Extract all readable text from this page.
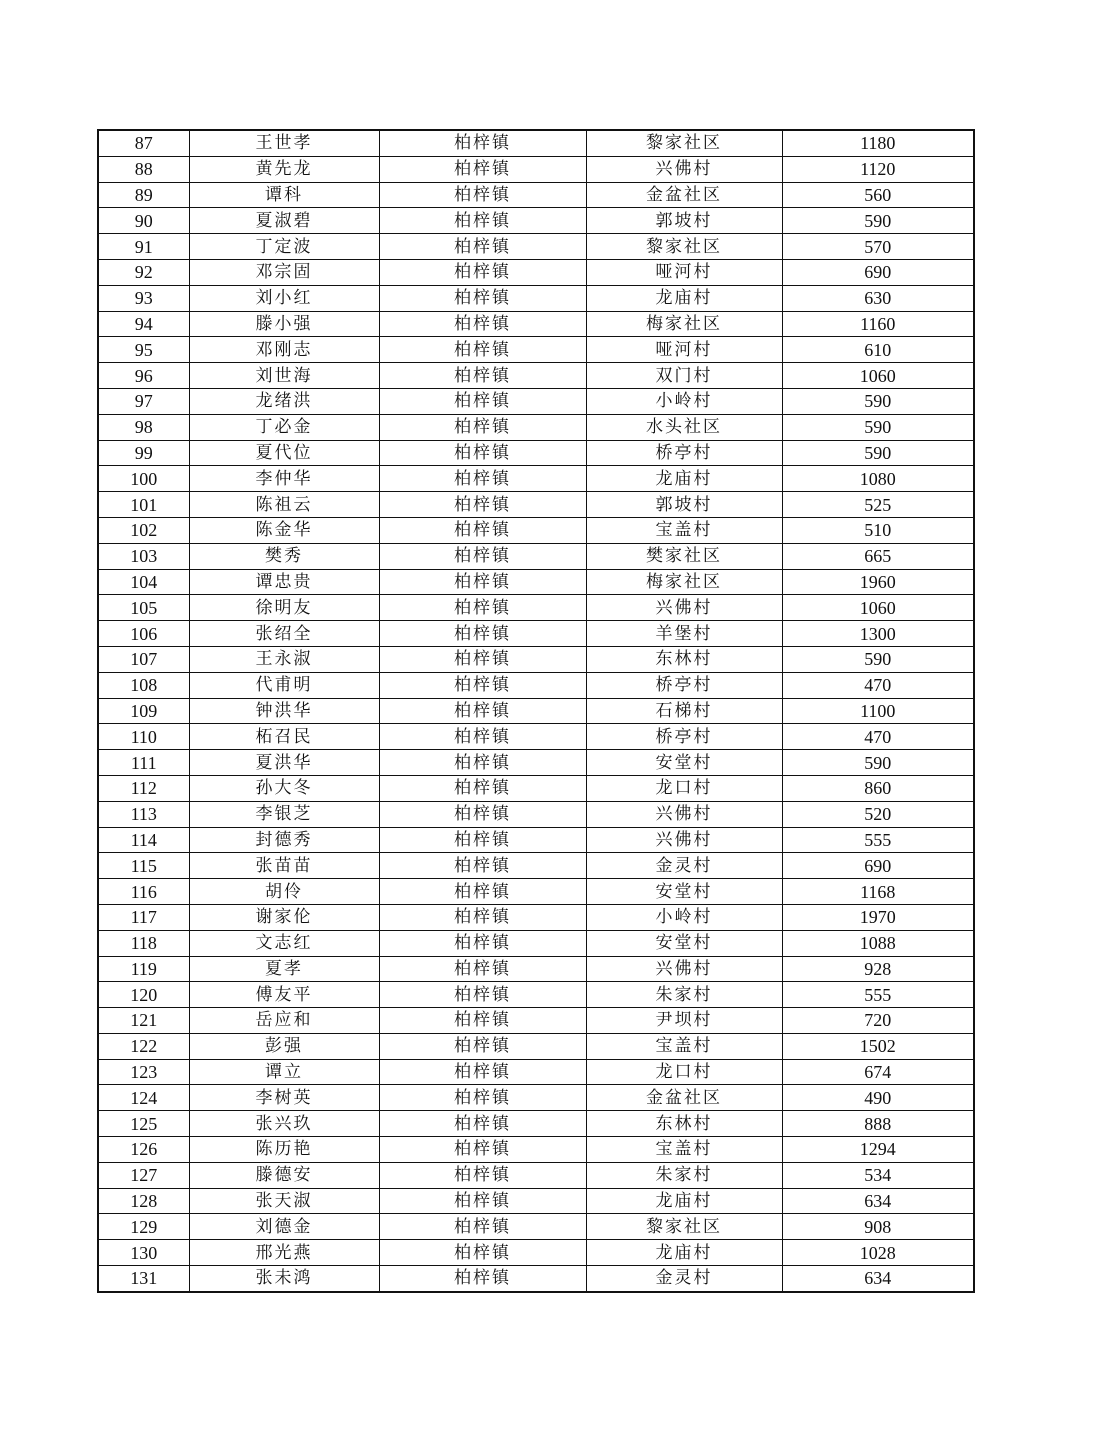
87	王世孝	柏梓镇	黎家社区	1180
88	黄先龙	柏梓镇	兴佛村	1120
89	谭科	柏梓镇	金盆社区	560
90	夏淑碧	柏梓镇	郭坡村	590
91	丁定波	柏梓镇	黎家社区	570
92	邓宗固	柏梓镇	哑河村	690
93	刘小红	柏梓镇	龙庙村	630
94	滕小强	柏梓镇	梅家社区	1160
95	邓刚志	柏梓镇	哑河村	610
96	刘世海	柏梓镇	双门村	1060
97	龙绪洪	柏梓镇	小岭村	590
98	丁必金	柏梓镇	水头社区	590
99	夏代位	柏梓镇	桥亭村	590
100	李仲华	柏梓镇	龙庙村	1080
101	陈祖云	柏梓镇	郭坡村	525
102	陈金华	柏梓镇	宝盖村	510
103	樊秀	柏梓镇	樊家社区	665
104	谭忠贵	柏梓镇	梅家社区	1960
105	徐明友	柏梓镇	兴佛村	1060
106	张绍全	柏梓镇	羊堡村	1300
107	王永淑	柏梓镇	东林村	590
108	代甫明	柏梓镇	桥亭村	470
109	钟洪华	柏梓镇	石梯村	1100
110	柘召民	柏梓镇	桥亭村	470
111	夏洪华	柏梓镇	安堂村	590
112	孙大冬	柏梓镇	龙口村	860
113	李银芝	柏梓镇	兴佛村	520
114	封德秀	柏梓镇	兴佛村	555
115	张苗苗	柏梓镇	金灵村	690
116	胡伶	柏梓镇	安堂村	1168
117	谢家伦	柏梓镇	小岭村	1970
118	文志红	柏梓镇	安堂村	1088
119	夏孝	柏梓镇	兴佛村	928
120	傅友平	柏梓镇	朱家村	555
121	岳应和	柏梓镇	尹坝村	720
122	彭强	柏梓镇	宝盖村	1502
123	谭立	柏梓镇	龙口村	674
124	李树英	柏梓镇	金盆社区	490
125	张兴玖	柏梓镇	东林村	888
126	陈历艳	柏梓镇	宝盖村	1294
127	滕德安	柏梓镇	朱家村	534
128	张天淑	柏梓镇	龙庙村	634
129	刘德金	柏梓镇	黎家社区	908
130	邢光燕	柏梓镇	龙庙村	1028
131	张未鸿	柏梓镇	金灵村	634
